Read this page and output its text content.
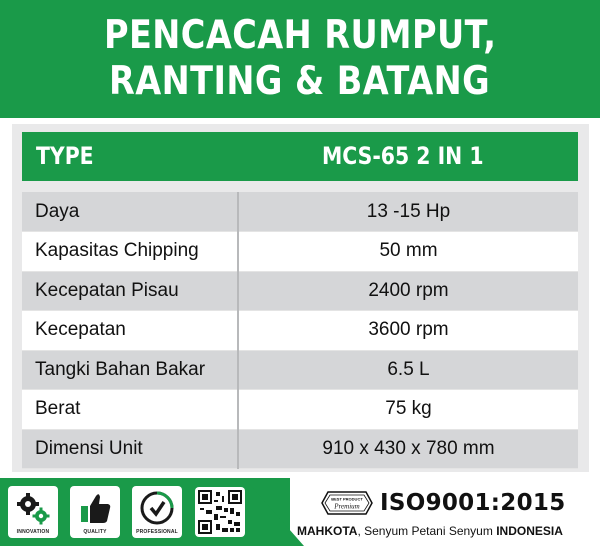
PENCACAH RUMPUT,
RANTING & BATANG
TYPE	MCS-65 2 IN 1
Daya	13 -15 Hp
Kapasitas Chipping	50 mm
Kecepatan Pisau	2400 rpm
Kecepatan	3600 rpm
Tangki Bahan Bakar	6.5 L
Berat	75 kg
Dimensi Unit	910 x 430 x 780 mm
INNOVATION	QUALITY	PROFESSIONAL
BEST PRODUCT
Premium ISO9001:2015
MAHKOTA, Senyum Petani Senyum INDONESIA
